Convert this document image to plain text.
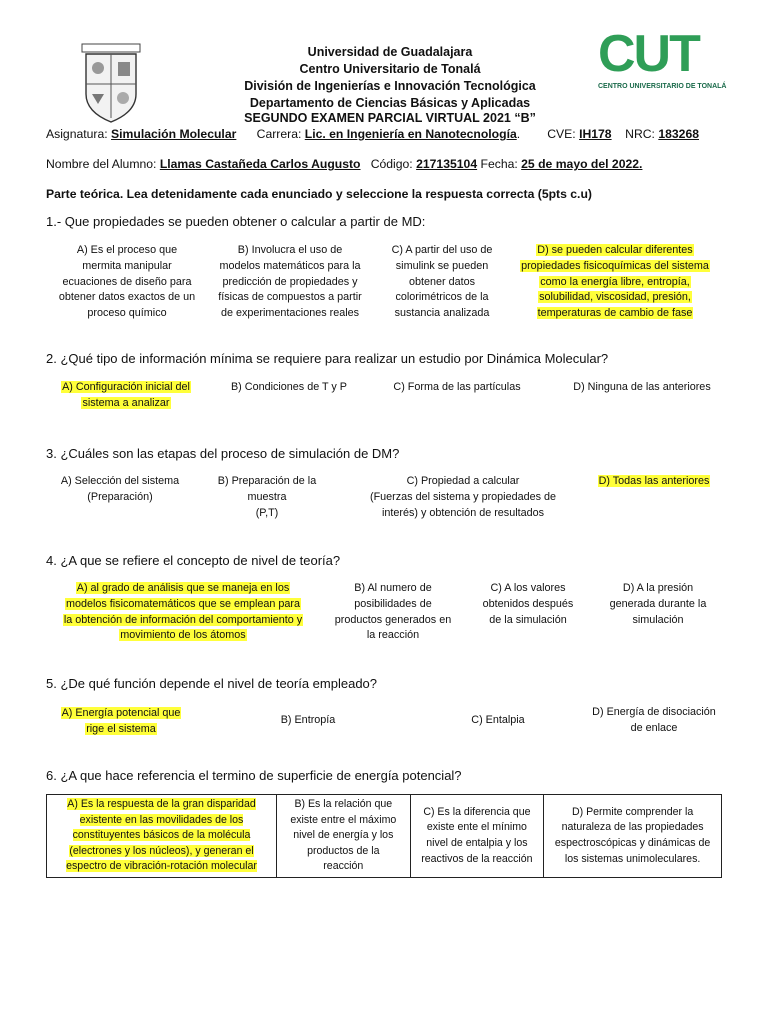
Universidad de Guadalajara
Centro Universitario de Tonalá
División de Ingenierías e Innovación Tecnológica
Departamento de Ciencias Básicas y Aplicadas
SEGUNDO EXAMEN PARCIAL VIRTUAL 2021 “B”
CUT
CENTRO UNIVERSITARIO DE TONALÁ
Asignatura: Simulación Molecular Carrera: Lic. en Ingeniería en Nanotecnología. CVE: IH178 NRC: 183268
Nombre del Alumno: Llamas Castañeda Carlos Augusto Código: 217135104 Fecha: 25 de mayo del 2022.
Parte teórica. Lea detenidamente cada enunciado y seleccione la respuesta correcta (5pts c.u)
1.- Que propiedades se pueden obtener o calcular a partir de MD:
A) Es el proceso que
mermita manipular
ecuaciones de diseño para
obtener datos exactos de un
proceso químico
B) Involucra el uso de
modelos matemáticos para la
predicción de propiedades y
físicas de compuestos a partir
de experimentaciones reales
C) A partir del uso de
simulink se pueden
obtener datos
colorimétricos de la
sustancia analizada
D) se pueden calcular diferentes
propiedades fisicoquímicas del sistema
como la energía libre, entropía,
solubilidad, viscosidad, presión,
temperaturas de cambio de fase
2. ¿Qué tipo de información mínima se requiere para realizar un estudio por Dinámica Molecular?
A) Configuración inicial del
sistema a analizar
B) Condiciones de T y P	C) Forma de las partículas	D) Ninguna de las anteriores
3. ¿Cuáles son las etapas del proceso de simulación de DM?
A) Selección del sistema
(Preparación)
B) Preparación de la
muestra
(P,T)
C) Propiedad a calcular
(Fuerzas del sistema y propiedades de
interés) y obtención de resultados
D) Todas las anteriores
4. ¿A que se refiere el concepto de nivel de teoría?
A) al grado de análisis que se maneja en los
modelos fisicomatemáticos que se emplean para
la obtención de información del comportamiento y
movimiento de los átomos
B) Al numero de
posibilidades de
productos generados en
la reacción
C) A los valores
obtenidos después
de la simulación
D) A la presión
generada durante la
simulación
5. ¿De qué función depende el nivel de teoría empleado?
A) Energía potencial que
rige el sistema
B) Entropía	C) Entalpia
D) Energía de disociación
de enlace
6. ¿A que hace referencia el termino de superficie de energía potencial?
A) Es la respuesta de la gran disparidad
existente en las movilidades de los
constituyentes básicos de la molécula
(electrones y los núcleos), y generan el
espectro de vibración-rotación molecular

B) Es la relación que
existe entre el máximo
nivel de energía y los
productos de la
reacción

C) Es la diferencia que
existe ente el mínimo
nivel de entalpia y los
reactivos de la reacción

D) Permite comprender la
naturaleza de las propiedades
espectroscópicas y dinámicas de
los sistemas unimoleculares.
